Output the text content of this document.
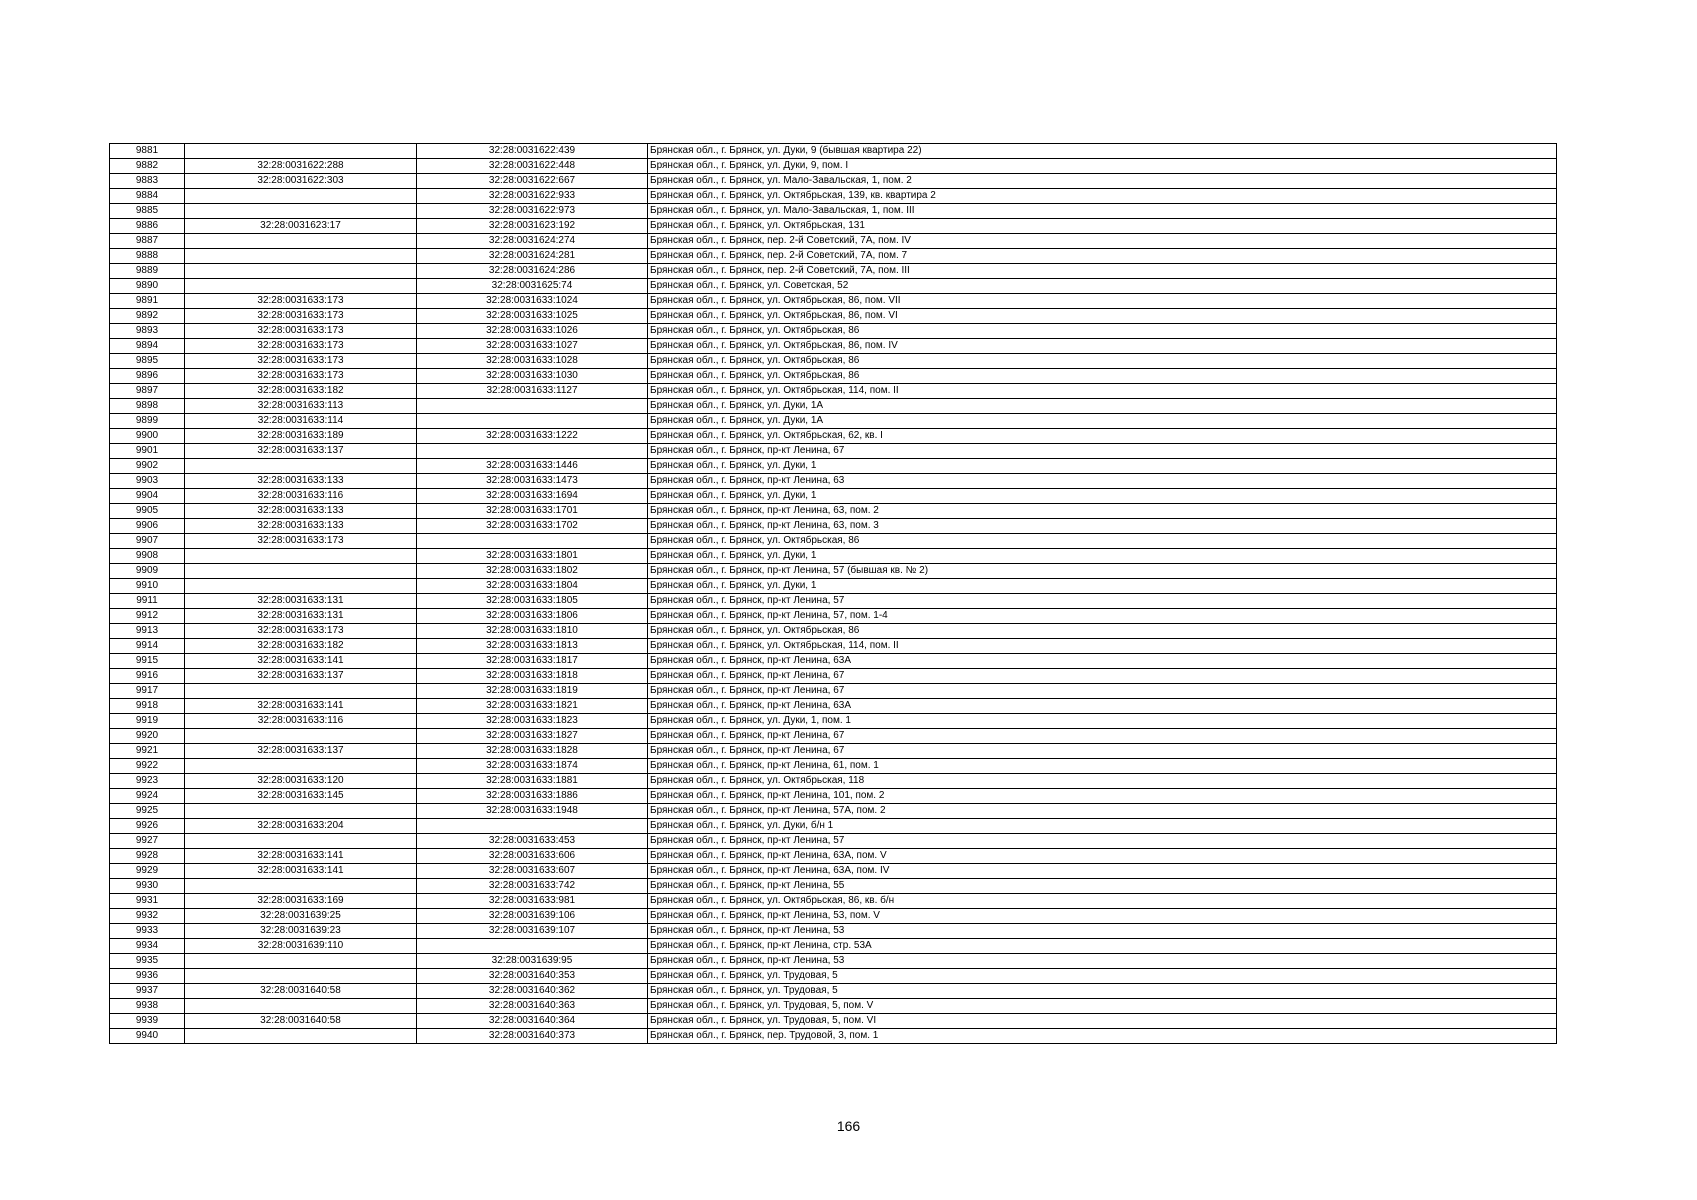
9881		32:28:0031622:439	Брянская обл., г. Брянск, ул. Дуки, 9 (бывшая квартира 22)
9882	32:28:0031622:288	32:28:0031622:448	Брянская обл., г. Брянск, ул. Дуки, 9, пом. I
9883	32:28:0031622:303	32:28:0031622:667	Брянская обл., г. Брянск, ул. Мало-Завальская, 1, пом. 2
9884		32:28:0031622:933	Брянская обл., г. Брянск, ул. Октябрьская, 139, кв. квартира 2
9885		32:28:0031622:973	Брянская обл., г. Брянск, ул. Мало-Завальская, 1, пом. III
9886	32:28:0031623:17	32:28:0031623:192	Брянская обл., г. Брянск, ул. Октябрьская, 131
9887		32:28:0031624:274	Брянская обл., г. Брянск, пер. 2-й Советский, 7А, пом. IV
9888		32:28:0031624:281	Брянская обл., г. Брянск, пер. 2-й Советский, 7А, пом. 7
9889		32:28:0031624:286	Брянская обл., г. Брянск, пер. 2-й Советский, 7А, пом. III
9890		32:28:0031625:74	Брянская обл., г. Брянск, ул. Советская, 52
9891	32:28:0031633:173	32:28:0031633:1024	Брянская обл., г. Брянск, ул. Октябрьская, 86, пом. VII
9892	32:28:0031633:173	32:28:0031633:1025	Брянская обл., г. Брянск, ул. Октябрьская, 86, пом. VI
9893	32:28:0031633:173	32:28:0031633:1026	Брянская обл., г. Брянск, ул. Октябрьская, 86
9894	32:28:0031633:173	32:28:0031633:1027	Брянская обл., г. Брянск, ул. Октябрьская, 86, пом. IV
9895	32:28:0031633:173	32:28:0031633:1028	Брянская обл., г. Брянск, ул. Октябрьская, 86
9896	32:28:0031633:173	32:28:0031633:1030	Брянская обл., г. Брянск, ул. Октябрьская, 86
9897	32:28:0031633:182	32:28:0031633:1127	Брянская обл., г. Брянск, ул. Октябрьская, 114, пом. II
9898	32:28:0031633:113		Брянская обл., г. Брянск, ул. Дуки, 1А
9899	32:28:0031633:114		Брянская обл., г. Брянск, ул. Дуки, 1А
9900	32:28:0031633:189	32:28:0031633:1222	Брянская обл., г. Брянск, ул. Октябрьская, 62, кв. I
9901	32:28:0031633:137		Брянская обл., г. Брянск, пр-кт Ленина, 67
9902		32:28:0031633:1446	Брянская обл., г. Брянск, ул. Дуки, 1
9903	32:28:0031633:133	32:28:0031633:1473	Брянская обл., г. Брянск, пр-кт Ленина, 63
9904	32:28:0031633:116	32:28:0031633:1694	Брянская обл., г. Брянск, ул. Дуки, 1
9905	32:28:0031633:133	32:28:0031633:1701	Брянская обл., г. Брянск, пр-кт Ленина, 63, пом. 2
9906	32:28:0031633:133	32:28:0031633:1702	Брянская обл., г. Брянск, пр-кт Ленина, 63, пом. 3
9907	32:28:0031633:173		Брянская обл., г. Брянск, ул. Октябрьская, 86
9908		32:28:0031633:1801	Брянская обл., г. Брянск, ул. Дуки, 1
9909		32:28:0031633:1802	Брянская обл., г. Брянск, пр-кт Ленина, 57 (бывшая кв. № 2)
9910		32:28:0031633:1804	Брянская обл., г. Брянск, ул. Дуки, 1
9911	32:28:0031633:131	32:28:0031633:1805	Брянская обл., г. Брянск, пр-кт Ленина, 57
9912	32:28:0031633:131	32:28:0031633:1806	Брянская обл., г. Брянск, пр-кт Ленина, 57, пом. 1-4
9913	32:28:0031633:173	32:28:0031633:1810	Брянская обл., г. Брянск, ул. Октябрьская, 86
9914	32:28:0031633:182	32:28:0031633:1813	Брянская обл., г. Брянск, ул. Октябрьская, 114, пом. II
9915	32:28:0031633:141	32:28:0031633:1817	Брянская обл., г. Брянск, пр-кт Ленина, 63А
9916	32:28:0031633:137	32:28:0031633:1818	Брянская обл., г. Брянск, пр-кт Ленина, 67
9917		32:28:0031633:1819	Брянская обл., г. Брянск, пр-кт Ленина, 67
9918	32:28:0031633:141	32:28:0031633:1821	Брянская обл., г. Брянск, пр-кт Ленина, 63А
9919	32:28:0031633:116	32:28:0031633:1823	Брянская обл., г. Брянск, ул. Дуки, 1, пом. 1
9920		32:28:0031633:1827	Брянская обл., г. Брянск, пр-кт Ленина, 67
9921	32:28:0031633:137	32:28:0031633:1828	Брянская обл., г. Брянск, пр-кт Ленина, 67
9922		32:28:0031633:1874	Брянская обл., г. Брянск, пр-кт Ленина, 61, пом. 1
9923	32:28:0031633:120	32:28:0031633:1881	Брянская обл., г. Брянск, ул. Октябрьская, 118
9924	32:28:0031633:145	32:28:0031633:1886	Брянская обл., г. Брянск, пр-кт Ленина, 101, пом. 2
9925		32:28:0031633:1948	Брянская обл., г. Брянск, пр-кт Ленина, 57А, пом. 2
9926	32:28:0031633:204		Брянская обл., г. Брянск, ул. Дуки, б/н 1
9927		32:28:0031633:453	Брянская обл., г. Брянск, пр-кт Ленина, 57
9928	32:28:0031633:141	32:28:0031633:606	Брянская обл., г. Брянск, пр-кт Ленина, 63А, пом. V
9929	32:28:0031633:141	32:28:0031633:607	Брянская обл., г. Брянск, пр-кт Ленина, 63А, пом. IV
9930		32:28:0031633:742	Брянская обл., г. Брянск, пр-кт Ленина, 55
9931	32:28:0031633:169	32:28:0031633:981	Брянская обл., г. Брянск, ул. Октябрьская, 86, кв. б/н
9932	32:28:0031639:25	32:28:0031639:106	Брянская обл., г. Брянск, пр-кт Ленина, 53, пом. V
9933	32:28:0031639:23	32:28:0031639:107	Брянская обл., г. Брянск, пр-кт Ленина, 53
9934	32:28:0031639:110		Брянская обл., г. Брянск, пр-кт Ленина, стр. 53А
9935		32:28:0031639:95	Брянская обл., г. Брянск, пр-кт Ленина, 53
9936		32:28:0031640:353	Брянская обл., г. Брянск, ул. Трудовая, 5
9937	32:28:0031640:58	32:28:0031640:362	Брянская обл., г. Брянск, ул. Трудовая, 5
9938		32:28:0031640:363	Брянская обл., г. Брянск, ул. Трудовая, 5, пом. V
9939	32:28:0031640:58	32:28:0031640:364	Брянская обл., г. Брянск, ул. Трудовая, 5, пом. VI
9940		32:28:0031640:373	Брянская обл., г. Брянск, пер. Трудовой, 3, пом. 1
166
